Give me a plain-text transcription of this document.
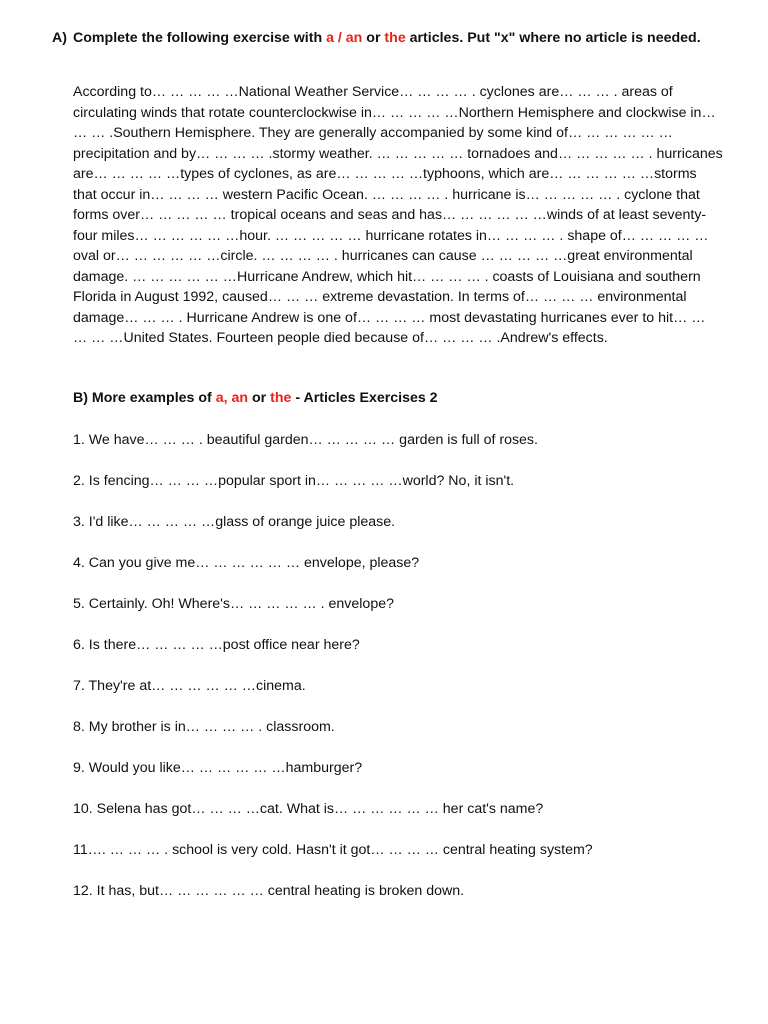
A) Complete the following exercise with a / an or the articles. Put "x" where no article is needed.

According to… … … … …National Weather Service… … … … . cyclones are… … … . areas of circulating winds that rotate counterclockwise in… … … … …Northern Hemisphere and clockwise in… … … .Southern Hemisphere. They are generally accompanied by some kind of… … … … … …precipitation and by… … … … .stormy weather. … … … … … tornadoes and… … … … … . hurricanes are… … … … …types of cyclones, as are… … … … …typhoons, which are… … … … … …storms that occur in… … … … western Pacific Ocean. … … … … . hurricane is… … … … … . cyclone that forms over… … … … … tropical oceans and seas and has… … … … … …winds of at least seventy-four miles… … … … … …hour. … … … … … hurricane rotates in… … … … . shape of… … … … …oval or… … … … … …circle. … … … … . hurricanes can cause … … … … …great environmental damage. … … … … … …Hurricane Andrew, which hit… … … … . coasts of Louisiana and southern Florida in August 1992, caused… … … extreme devastation. In terms of… … … … environmental damage… … … . Hurricane Andrew is one of… … … … most devastating hurricanes ever to hit… … … … …United States. Fourteen people died because of… … … … .Andrew's effects.

B) More examples of a, an or the - Articles Exercises 2
1. We have… … … . beautiful garden… … … … … garden is full of roses.
2. Is fencing… … … …popular sport in… … … … …world? No, it isn't.
3. I'd like… … … … …glass of orange juice please.
4. Can you give me… … … … … … envelope, please?
5. Certainly. Oh! Where's… … … … … . envelope?
6. Is there… … … … …post office near here?
7. They're at… … … … … …cinema.
8. My brother is in… … … … . classroom.
9. Would you like… … … … … …hamburger?
10. Selena has got… … … …cat. What is… … … … … … her cat's name?
11…. … … … . school is very cold. Hasn't it got… … … … central heating system?
12. It has, but… … … … … … central heating is broken down.
